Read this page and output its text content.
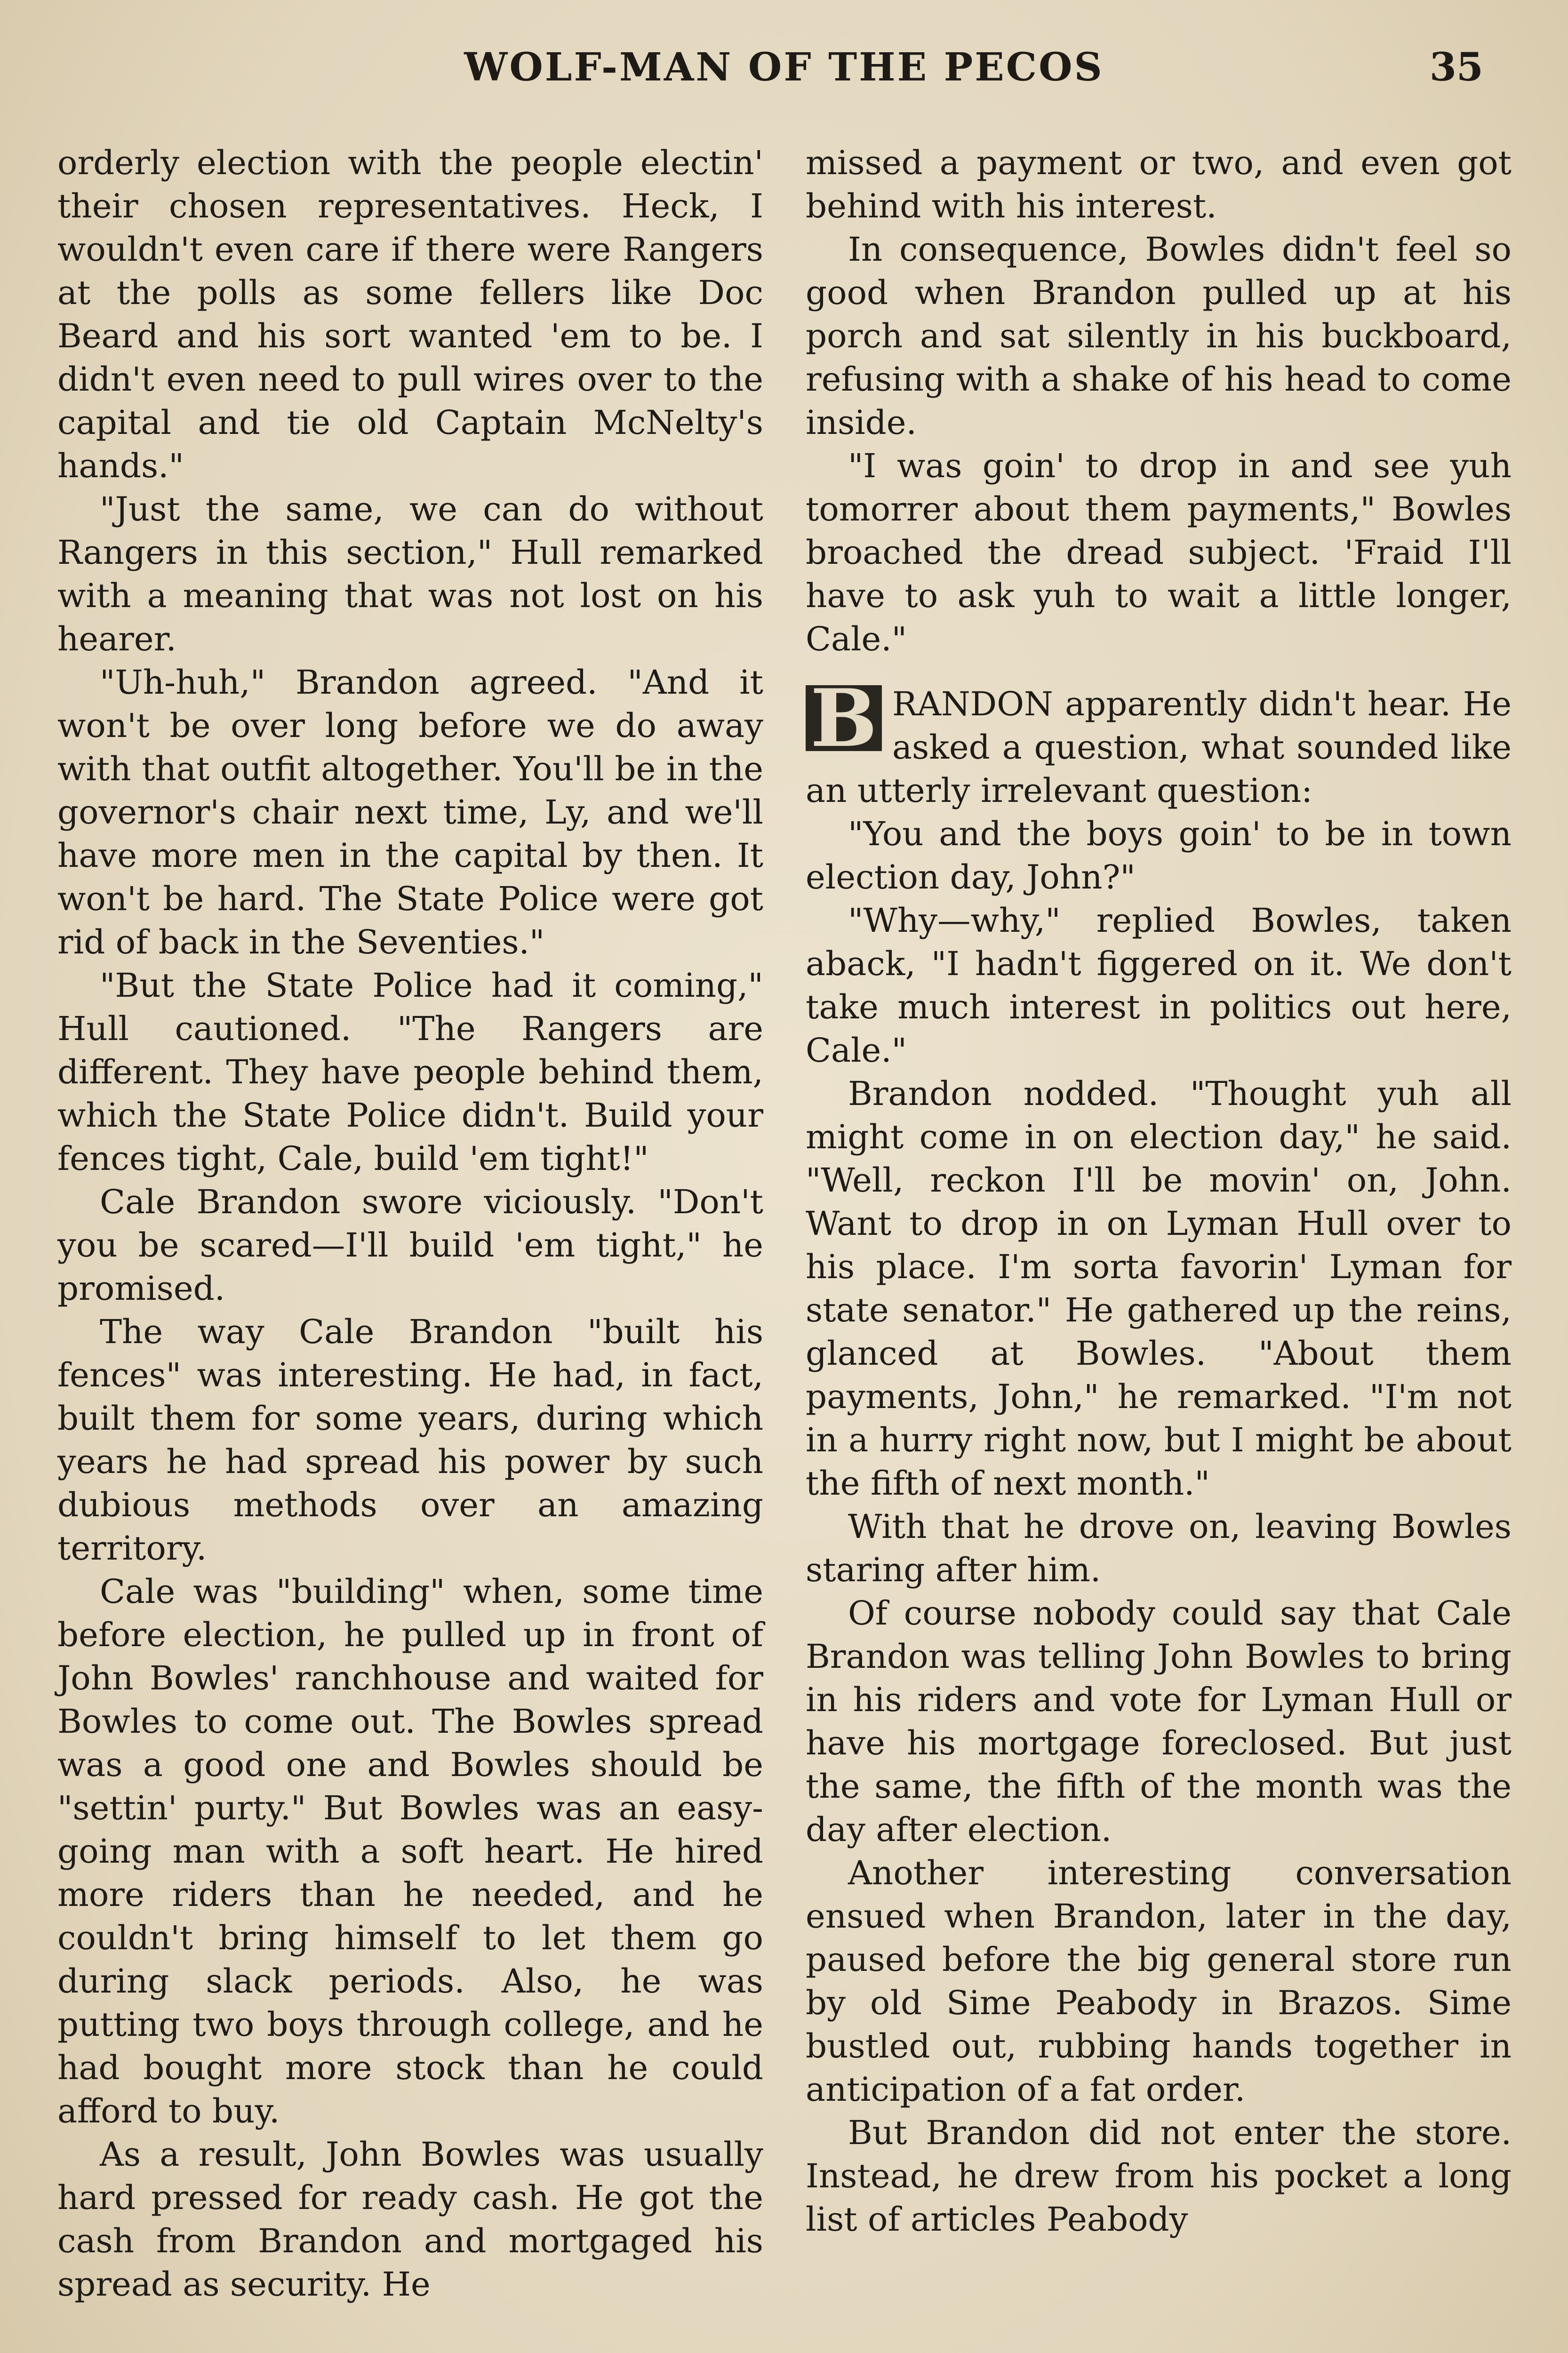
WOLF-MAN OF THE PECOS	35

orderly election with the people electin' their chosen representatives. Heck, I wouldn't even care if there were Rangers at the polls as some fellers like Doc Beard and his sort wanted 'em to be. I didn't even need to pull wires over to the capital and tie old Captain McNelty's hands."

"Just the same, we can do without Rangers in this section," Hull remarked with a meaning that was not lost on his hearer.

"Uh-huh," Brandon agreed. "And it won't be over long before we do away with that outfit altogether. You'll be in the governor's chair next time, Ly, and we'll have more men in the capital by then. It won't be hard. The State Police were got rid of back in the Seventies."

"But the State Police had it coming," Hull cautioned. "The Rangers are different. They have people behind them, which the State Police didn't. Build your fences tight, Cale, build 'em tight!"

Cale Brandon swore viciously. "Don't you be scared—I'll build 'em tight," he promised.

The way Cale Brandon "built his fences" was interesting. He had, in fact, built them for some years, during which years he had spread his power by such dubious methods over an amazing territory.

Cale was "building" when, some time before election, he pulled up in front of John Bowles' ranchhouse and waited for Bowles to come out. The Bowles spread was a good one and Bowles should be "settin' purty." But Bowles was an easy-going man with a soft heart. He hired more riders than he needed, and he couldn't bring himself to let them go during slack periods. Also, he was putting two boys through college, and he had bought more stock than he could afford to buy.

As a result, John Bowles was usually hard pressed for ready cash. He got the cash from Brandon and mortgaged his spread as security. He

missed a payment or two, and even got behind with his interest.

In consequence, Bowles didn't feel so good when Brandon pulled up at his porch and sat silently in his buckboard, refusing with a shake of his head to come inside.

"I was goin' to drop in and see yuh tomorrer about them payments," Bowles broached the dread subject. 'Fraid I'll have to ask yuh to wait a little longer, Cale."

B RANDON apparently didn't hear. He asked a question, what sounded like an utterly irrelevant question:

"You and the boys goin' to be in town election day, John?"

"Why—why," replied Bowles, taken aback, "I hadn't figgered on it. We don't take much interest in politics out here, Cale."

Brandon nodded. "Thought yuh all might come in on election day," he said. "Well, reckon I'll be movin' on, John. Want to drop in on Lyman Hull over to his place. I'm sorta favorin' Lyman for state senator." He gathered up the reins, glanced at Bowles. "About them payments, John," he remarked. "I'm not in a hurry right now, but I might be about the fifth of next month."

With that he drove on, leaving Bowles staring after him.

Of course nobody could say that Cale Brandon was telling John Bowles to bring in his riders and vote for Lyman Hull or have his mortgage foreclosed. But just the same, the fifth of the month was the day after election.

Another interesting conversation ensued when Brandon, later in the day, paused before the big general store run by old Sime Peabody in Brazos. Sime bustled out, rubbing hands together in anticipation of a fat order.

But Brandon did not enter the store. Instead, he drew from his pocket a long list of articles Peabody
